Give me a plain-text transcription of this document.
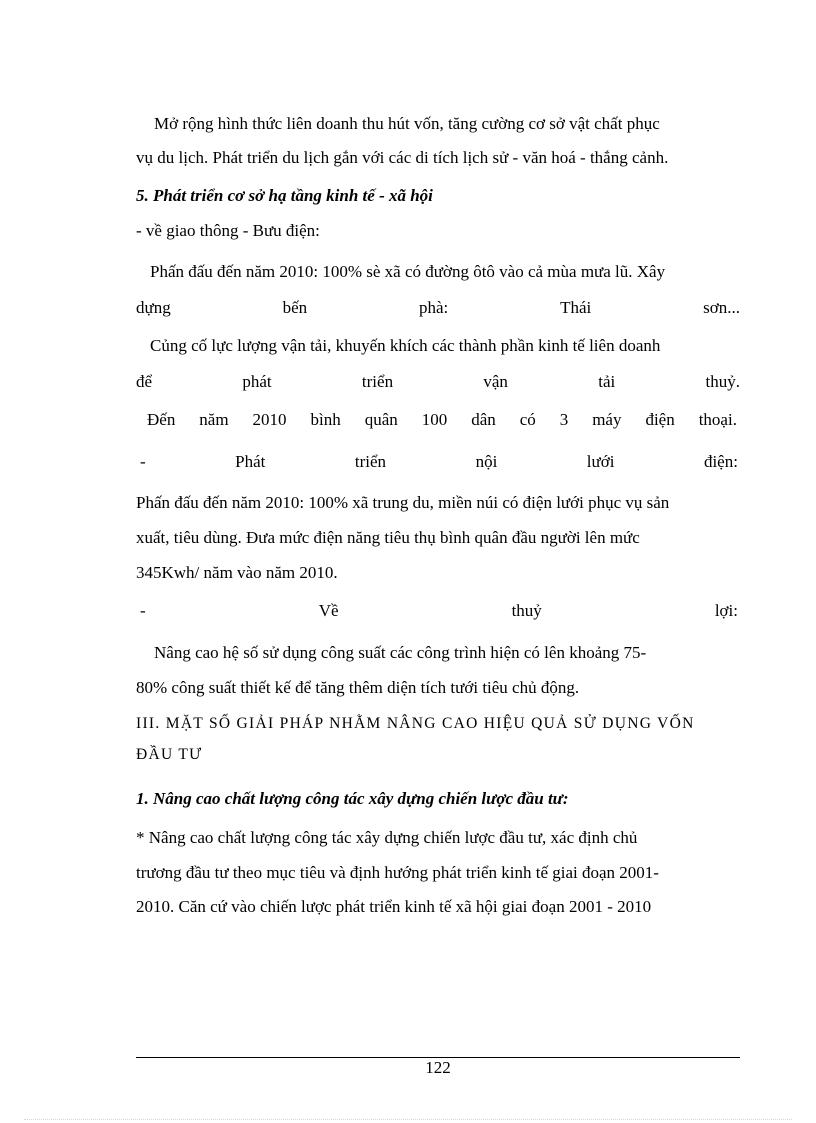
Mở rộng hình thức liên doanh thu hút vốn, tăng cường cơ sở vật chất phục
vụ du lịch. Phát triển du lịch gắn với các di tích lịch sử - văn hoá - thắng cảnh.
5. Phát triển cơ sở hạ tầng kinh tế - xã hội
- về giao thông - Bưu điện:
Phấn đấu đến năm 2010: 100% sè xã có đường ôtô vào cả mùa mưa lũ. Xây
dựng	bến	phà:	Thái	sơn...
Củng cố lực lượng vận tải, khuyến khích các thành phần kinh tế liên doanh
để	phát	triển	vận	tải	thuỷ.
Đến năm 2010 bình quân 100 dân có 3 máy điện thoại.
-	Phát	triển	nội	lưới	điện:
Phấn đấu đến năm 2010: 100% xã trung du, miền núi có điện lưới phục vụ sản
xuất, tiêu dùng. Đưa mức điện năng tiêu thụ bình quân đầu người lên mức
345Kwh/ năm vào năm 2010.
-	Về	thuỷ	lợi:
Nâng cao hệ số sử dụng công suất các công trình hiện có lên khoảng 75-
80% công suất thiết kế để tăng thêm diện tích tưới tiêu chủ động.
III. MẶT SỐ GIẢI PHÁP NHẰM NÂNG CAO HIỆU QUẢ SỬ DỤNG VỐN
ĐẦU TƯ
1. Nâng cao chất lượng công tác xây dựng chiến lược đầu tư:
* Nâng cao chất lượng công tác xây dựng chiến lược đầu tư, xác định chủ
trương đầu tư theo mục tiêu và định hướng phát triển kinh tế giai đoạn 2001-
2010. Căn cứ vào chiến lược phát triển kinh tế xã hội giai đoạn 2001 - 2010
122
